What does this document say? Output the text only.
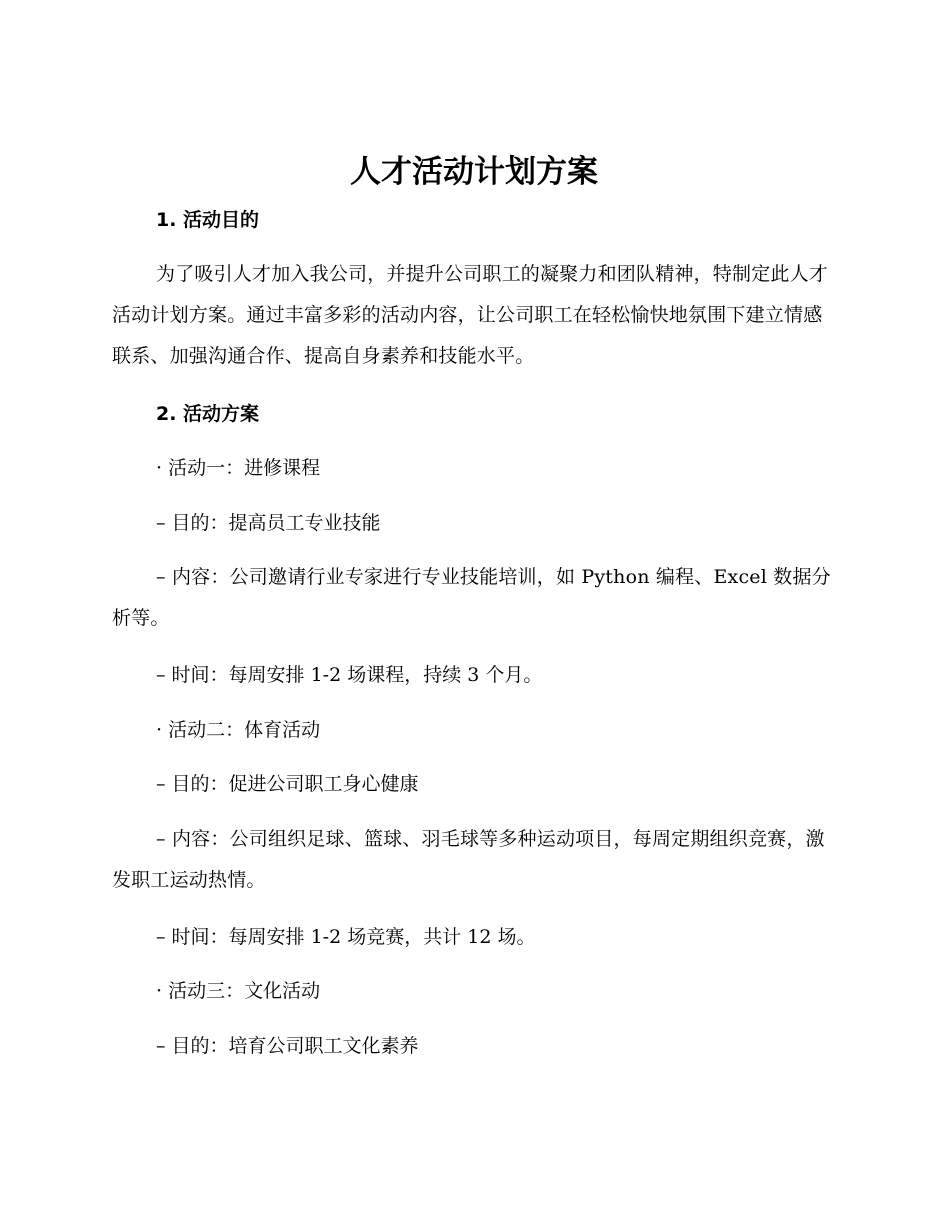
人才活动计划方案
1. 活动目的

为了吸引人才加入我公司，并提升公司职工的凝聚力和团队精神，特制定此人才活动计划方案。通过丰富多彩的活动内容，让公司职工在轻松愉快地氛围下建立情感联系、加强沟通合作、提高自身素养和技能水平。

2. 活动方案

· 活动一：进修课程

– 目的：提高员工专业技能

– 内容：公司邀请行业专家进行专业技能培训，如 Python 编程、Excel 数据分析等。

– 时间：每周安排 1-2 场课程，持续 3 个月。

· 活动二：体育活动

– 目的：促进公司职工身心健康

– 内容：公司组织足球、篮球、羽毛球等多种运动项目，每周定期组织竞赛，激发职工运动热情。

– 时间：每周安排 1-2 场竞赛，共计 12 场。

· 活动三：文化活动

– 目的：培育公司职工文化素养
